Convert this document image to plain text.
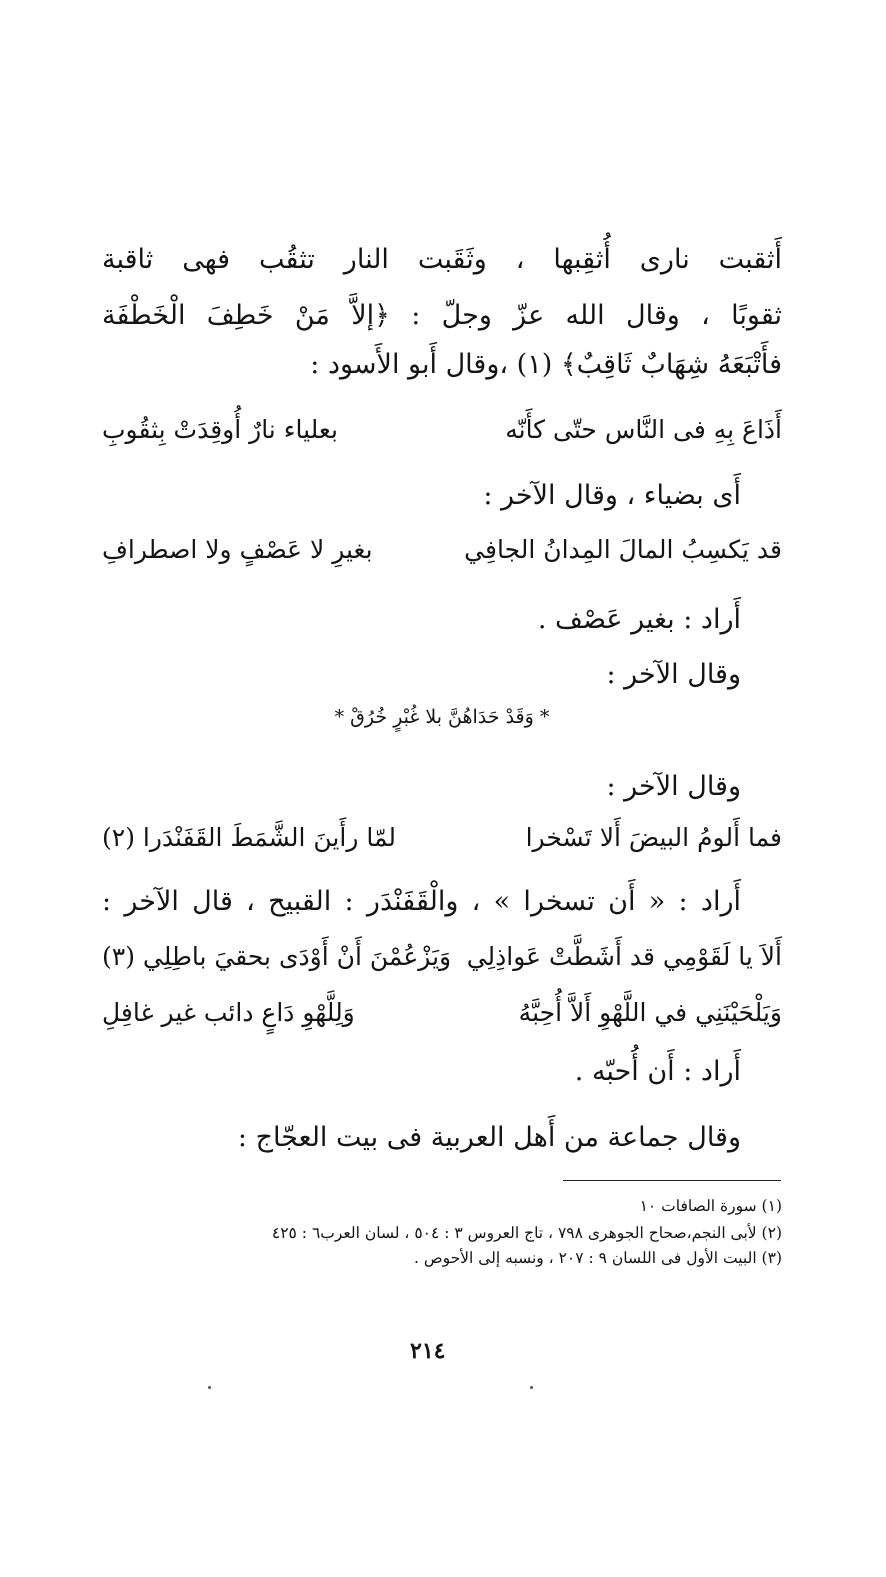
أَثقبت نارى أُثقِبها ، وثَقَبت النار تثقُب فهى ثاقبة
ثقوبًا ، وقال الله عزّ وجلّ : ﴿إلاَّ مَنْ خَطِفَ الْخَطْفَة
فأَتْبَعَهُ شِهَابٌ ثَاقِبٌ﴾ (١) ،وقال أَبو الأَسود :
أَذَاعَ بِهِ فى النَّاس حتّى كأَنّه
بعلياء نارٌ أُوقِدَتْ بِثقُوبِ
أَى بضياء ، وقال الآخر :
قد يَكسِبُ المالَ المِدانُ الجافِي
بغيرِ لا عَصْفٍ ولا اصطرافِ
أَراد : بغير عَصْف .
وقال الآخر :
* وَقَدْ حَدَاهُنَّ بلا غُبْرٍ خُرُقْ *
وقال الآخر :
فما أَلومُ البيضَ أَلا تَسْخرا
لمّا رأَينَ الشَّمَطَ القَفَنْدَرا (٢)
أَراد : « أَن تسخرا » ، والْقَفَنْدَر : القبيح ، قال الآخر :
أَلاَ يا لَقَوْمِي قد أَشَطَّتْ عَواذِلِي
وَيَزْعُمْنَ أَنْ أَوْدَى بحقيَ باطِلِي (٣)
وَيَلْحَيْنَنِي في اللَّهْوِ أَلاَّ أُحِبَّهُ
وَلِلَّهْوِ دَاعٍ دائب غير غافِلِ
أَراد : أَن أُحبّه .
وقال جماعة من أَهل العربية فى بيت العجّاج :
(١) سورة الصافات ١٠
(٢) لأبى النجم،صحاح الجوهرى ٧٩٨ ، تاج العروس ٣ : ٥٠٤ ، لسان العرب٦ : ٤٢٥
(٣) البيت الأول فى اللسان ٩ : ٢٠٧ ، ونسبه إلى الأحوص .
٢١٤
